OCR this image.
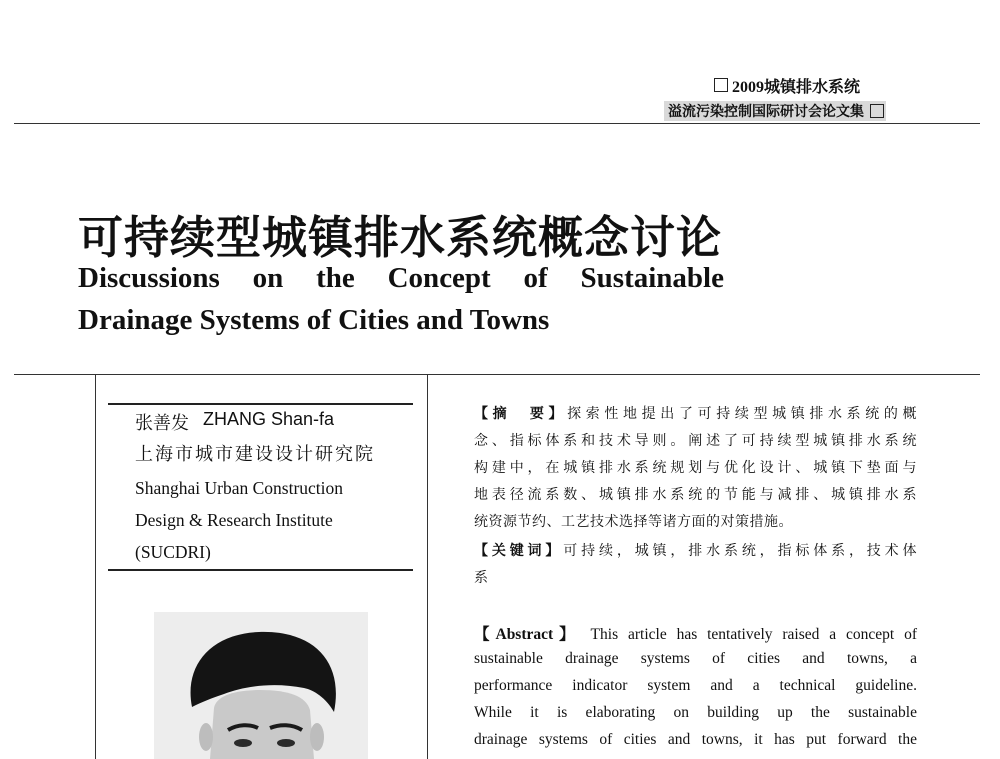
2009城镇排水系统
溢流污染控制国际研讨会论文集
可持续型城镇排水系统概念讨论
Discussions on the Concept of Sustainable
Drainage Systems of Cities and Towns
张善发 ZHANG Shan-fa
上海市城市建设设计研究院
Shanghai Urban Construction
Design & Research Institute
(SUCDRI)
【摘　要】探索性地提出了可持续型城镇排水系统的概
念、指标体系和技术导则。阐述了可持续型城镇排水系统
构建中，在城镇排水系统规划与优化设计、城镇下垫面与
地表径流系数、城镇排水系统的节能与减排、城镇排水系
统资源节约、工艺技术选择等诸方面的对策措施。
【关键词】可持续，城镇，排水系统，指标体系，技术体
系
【Abstract】 This article has tentatively raised a concept of
sustainable drainage systems of cities and towns, a
performance indicator system and a technical guideline.
While it is elaborating on building up the sustainable
drainage systems of cities and towns, it has put forward the
